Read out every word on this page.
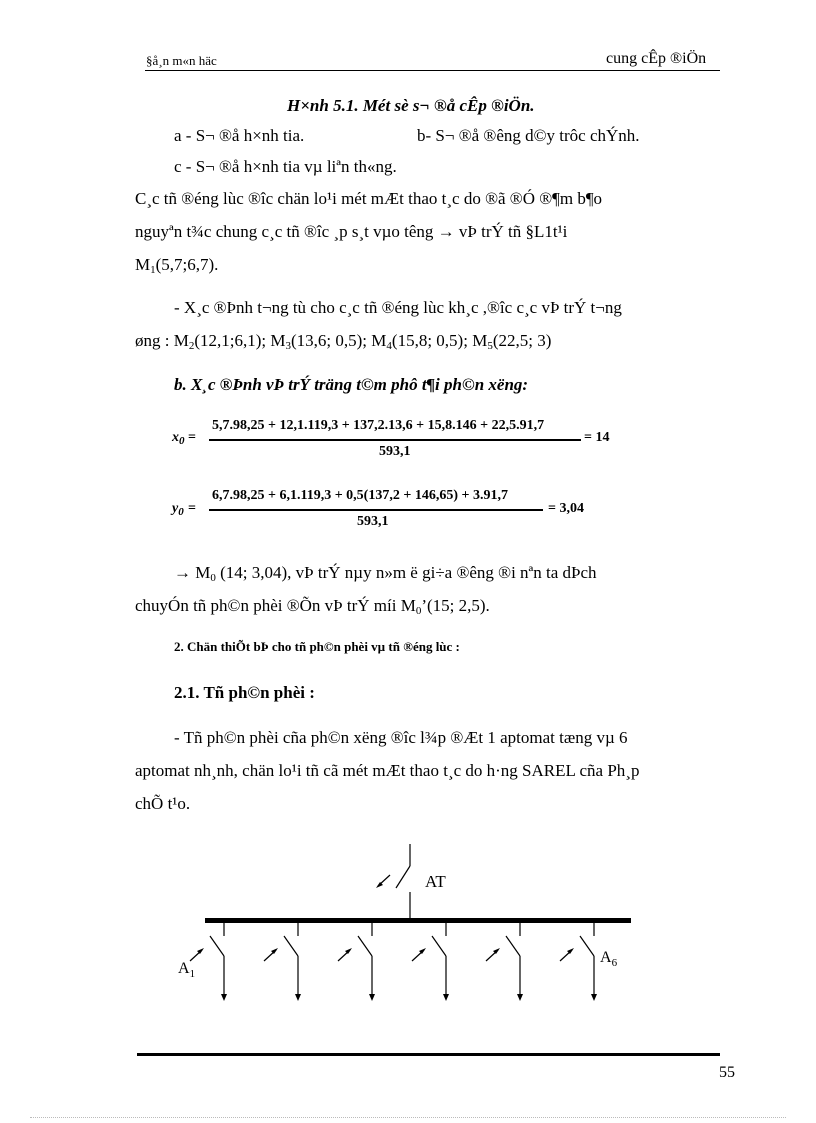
§å¸n m«n häc	cung cÊp ®iÖn
H×nh 5.1. Mét sè s¬ ®å cÊp ®iÖn.
a - S¬ ®å h×nh tia.	b- S¬ ®å ®êng d©y trôc chÝnh.
c - S¬ ®å h×nh tia vµ liªn th«ng.
C¸c tñ ®éng lùc ®îc chän lo¹i mét mÆt thao t¸c do ®ã ®Ó ®¶m b¶o
nguyªn t¾c chung c¸c tñ ®îc ¸p s¸t vµo têng → vÞ trÝ tñ §L1t¹i
$M_1(5,7;6,7)$.
- X¸c ®Þnh t¬ng tù cho c¸c tñ ®éng lùc kh¸c ,®îc c¸c vÞ trÝ t¬ng
øng : $M_2(12,1;6,1)$; $M_3(13,6$; 0,5); $M_4(15,8$; 0,5); $M_5(22,5$; 3)
b. X¸c ®Þnh vÞ trÝ träng t©m phô t¶i ph©n xëng:
$x_0$ =
5,7.98,25 + 12,1.119,3 + 137,2.13,6 + 15,8.146 + 22,5.91,7
593,1
= 14
$y_0$ =
6,7.98,25 + 6,1.119,3 + 0,5(137,2 + 146,65) + 3.91,7
593,1
= 3,04
→ $M_0$ (14; 3,04), vÞ trÝ nµy n»m ë gi÷a ®êng ®i nªn ta dÞch
chuyÓn tñ ph©n phèi ®Õn vÞ trÝ míi $M_0’(15$; 2,5).
2. Chän thiÕt bÞ cho tñ ph©n phèi vµ tñ ®éng lùc :
2.1. Tñ ph©n phèi :
- Tñ ph©n phèi cña ph©n xëng ®îc l¾p ®Æt 1 aptomat tæng vµ 6
aptomat nh¸nh, chän lo¹i tñ cã mét mÆt thao t¸c do h·ng SAREL cña Ph¸p
chÕ t¹o.
AT
$A_1$
$A_6$
55
